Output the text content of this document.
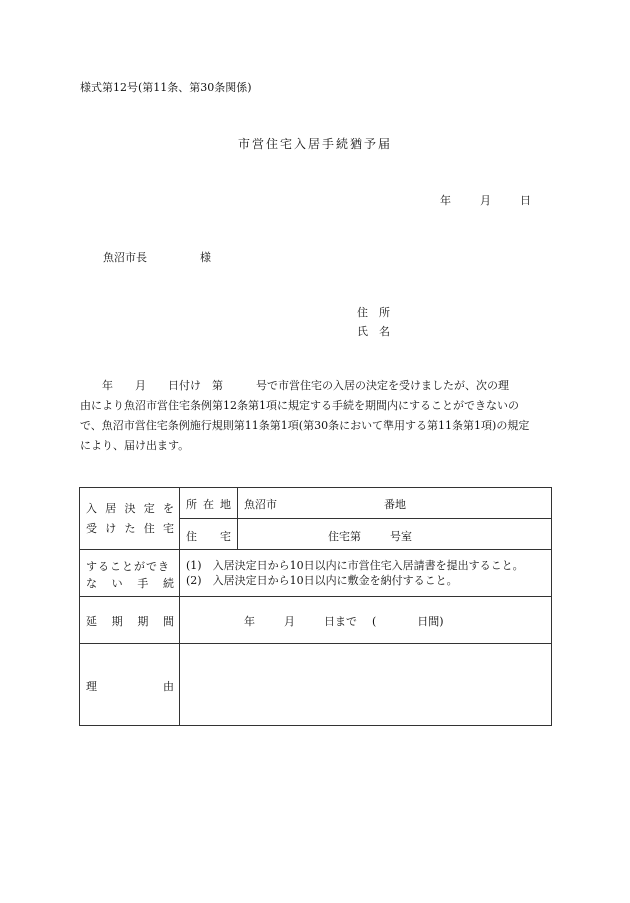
様式第12号(第11条、第30条関係)
市営住宅入居手続猶予届
年	月	日
魚沼市長	様
住　所
氏　名
　　年　　月　　日付け　第　　　号で市営住宅の入居の決定を受けましたが、次の理
由により魚沼市営住宅条例第12条第1項に規定する手続を期間内にすることができないの
で、魚沼市営住宅条例施行規則第11条第1項(第30条において準用する第11条第1項)の規定
により、届け出ます。
入 居 決 定 を
受 け た 住 宅
所 在 地 魚沼市	番地
住 宅	住宅第	号室
することができ
な い 手 続
(1)　入居決定日から10日以内に市営住宅入居請書を提出すること。
(2)　入居決定日から10日以内に敷金を納付すること。
延 期 期 間	年	月	日まで (	日間)
理	由
